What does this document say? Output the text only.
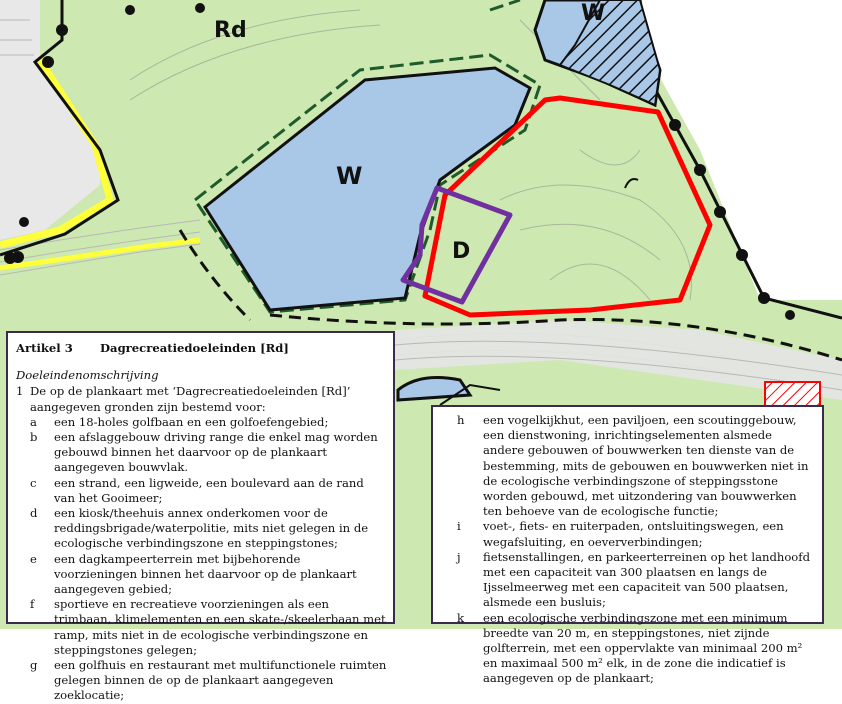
Rd
W
W
D
Artikel 3 Dagrecreatiedoeleinden [Rd]
Doeleindenomschrijving
1 De op de plankaart met ‘Dagrecreatiedoeleinden [Rd]’ aangegeven gronden zijn bestemd voor:
a	een 18-holes golfbaan en een golfoefengebied;
b	een afslaggebouw driving range die enkel mag worden gebouwd binnen het daarvoor op de plankaart aangegeven bouwvlak.
c	een strand, een ligweide, een boulevard aan de rand van het Gooimeer;
d	een kiosk/theehuis annex onderkomen voor de reddingsbrigade/waterpolitie, mits niet gelegen in de ecologische verbindingszone en steppingstones;
e	een dagkampeerterrein met bijbehorende voorzieningen binnen het daarvoor op de plankaart aangegeven gebied;
f	sportieve en recreatieve voorzieningen als een trimbaan, klimelementen en een skate-/skeelerbaan met ramp, mits niet in de ecologische verbindingszone en steppingstones gelegen;
g	een golfhuis en restaurant met multifunctionele ruimten gelegen binnen de op de plankaart aangegeven zoeklocatie;
h	een vogelkijkhut, een paviljoen, een scoutinggebouw, een dienstwoning, inrichtingselementen alsmede andere gebouwen of bouwwerken ten dienste van de bestemming, mits de gebouwen en bouwwerken niet in de ecologische verbindingszone of steppingsstone worden gebouwd, met uitzondering van bouwwerken ten behoeve van de ecologische functie;
i	voet-, fiets- en ruiterpaden, ontsluitingswegen, een wegafsluiting, en oeververbindingen;
j	fietsenstallingen, en parkeerterreinen op het landhoofd met een capaciteit van 300 plaatsen en langs de Ijsselmeerweg met een capaciteit van 500 plaatsen, alsmede een busluis;
k	een ecologische verbindingszone met een minimum breedte van 20 m, en steppingstones, niet zijnde golfterrein, met een oppervlakte van minimaal 200 m² en maximaal 500 m² elk, in de zone die indicatief is aangegeven op de plankaart;
